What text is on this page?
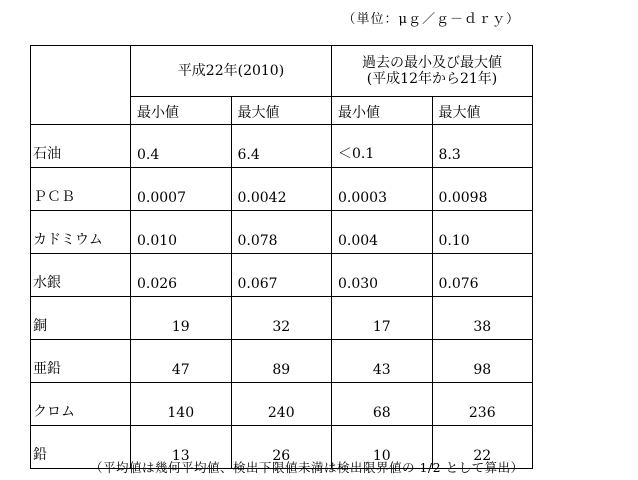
（単位：μｇ／ｇ－ｄｒｙ）
	平成22年(2010)		過去の最小及び最大値
(平成12年から21年)	

	最小値	最大値	最小値	最大値
石油	0.4	6.4	＜0.1	8.3
ＰＣＢ	0.0007	0.0042	0.0003	0.0098
カドミウム	0.010	0.078	0.004	0.10
水銀	0.026	0.067	0.030	0.076
銅	19	32	17	38
亜鉛	47	89	43	98
クロム	140	240	68	236
鉛	13	26	10	22
（平均値は幾何平均値、検出下限値未満は検出限界値の 1/2 として算出）
